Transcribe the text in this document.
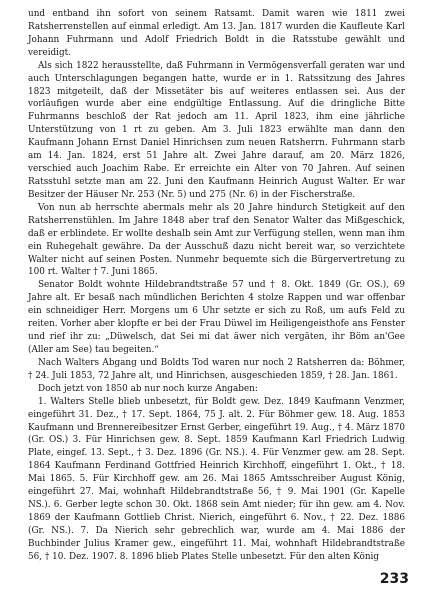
und entband ihn sofort von seinem Ratsamt. Damit waren wie 1811 zwei Ratsherrenstellen auf einmal erledigt. Am 13. Jan. 1817 wurden die Kaufleute Karl Johann Fuhrmann und Adolf Friedrich Boldt in die Ratsstube gewählt und vereidigt.

Als sich 1822 herausstellte, daß Fuhrmann in Vermögensverfall geraten war und auch Unterschlagungen begangen hatte, wurde er in 1. Ratssitzung des Jahres 1823 mitgeteilt, daß der Missetäter bis auf weiteres entlassen sei. Aus der vorläufigen wurde aber eine endgültige Entlassung. Auf die dringliche Bitte Fuhrmanns beschloß der Rat jedoch am 11. April 1823, ihm eine jährliche Unterstützung von 1 rt zu geben. Am 3. Juli 1823 erwählte man dann den Kaufmann Johann Ernst Daniel Hinrichsen zum neuen Ratsherrn. Fuhrmann starb am 14. Jan. 1824, erst 51 Jahre alt. Zwei Jahre darauf, am 20. März 1826, verschied auch Joachim Rabe. Er erreichte ein Alter von 70 Jahren. Auf seinen Ratsstuhl setzte man am 22. Juni den Kaufmann Heinrich August Walter. Er war Besitzer der Häuser Nr. 253 (Nr. 5) und 275 (Nr. 6) in der Fischerstraße.

Von nun ab herrschte abermals mehr als 20 Jahre hindurch Stetigkeit auf den Ratsherrenstühlen. Im Jahre 1848 aber traf den Senator Walter das Mißgeschick, daß er erblindete. Er wollte deshalb sein Amt zur Verfügung stellen, wenn man ihm ein Ruhegehalt gewähre. Da der Ausschuß dazu nicht bereit war, so verzichtete Walter nicht auf seinen Posten. Nunmehr bequemte sich die Bürgervertretung zu 100 rt. Walter † 7. Juni 1865.

Senator Boldt wohnte Hildebrandtstraße 57 und † 8. Okt. 1849 (Gr. OS.), 69 Jahre alt. Er besaß nach mündlichen Berichten 4 stolze Rappen und war offenbar ein schneidiger Herr. Morgens um 6 Uhr setzte er sich zu Roß, um aufs Feld zu reiten. Vorher aber klopfte er bei der Frau Düwel im Heiligengeisthofe ans Fenster und rief ihr zu: „Düwelsch, dat Sei mi dat äwer nich vergäten, ihr Böm an'Gee (Aller am See) tau begeiten.“

Nach Walters Abgang und Boldts Tod waren nur noch 2 Ratsherren da: Böhmer, † 24. Juli 1853, 72 Jahre alt, und Hinrichsen, ausgeschieden 1859, † 28. Jan. 1861.

Doch jetzt von 1850 ab nur noch kurze Angaben:

1. Walters Stelle blieb unbesetzt, für Boldt gew. Dez. 1849 Kaufmann Venzmer, eingeführt 31. Dez., † 17. Sept. 1864, 75 J. alt. 2. Für Böhmer gew. 18. Aug. 1853 Kaufmann und Brennereibesitzer Ernst Gerber, eingeführt 19. Aug., † 4. März 1870 (Gr. OS.) 3. Für Hinrichsen gew. 8. Sept. 1859 Kaufmann Karl Friedrich Ludwig Plate, eingef. 13. Sept., † 3. Dez. 1896 (Gr. NS.). 4. Für Venzmer gew. am 28. Sept. 1864 Kaufmann Ferdinand Gottfried Heinrich Kirchhoff, eingeführt 1. Okt., † 18. Mai 1865. 5. Für Kirchhoff gew. am 26. Mai 1865 Amtsschreiber August König, eingeführt 27. Mai, wohnhaft Hildebrandtstraße 56, † 9. Mai 1901 (Gr. Kapelle NS.). 6. Gerber legte schon 30. Okt. 1868 sein Amt nieder; für ihn gew. am 4. Nov. 1869 der Kaufmann Gottlieb Christ. Nierich, eingeführt 6. Nov., † 22. Dez. 1886 (Gr. NS.). 7. Da Nierich sehr gebrechlich war, wurde am 4. Mai 1886 der Buchbinder Julius Kramer gew., eingeführt 11. Mai, wohnhaft Hildebrandtstraße 56, † 10. Dez. 1907. 8. 1896 blieb Plates Stelle unbesetzt. Für den alten König

233
